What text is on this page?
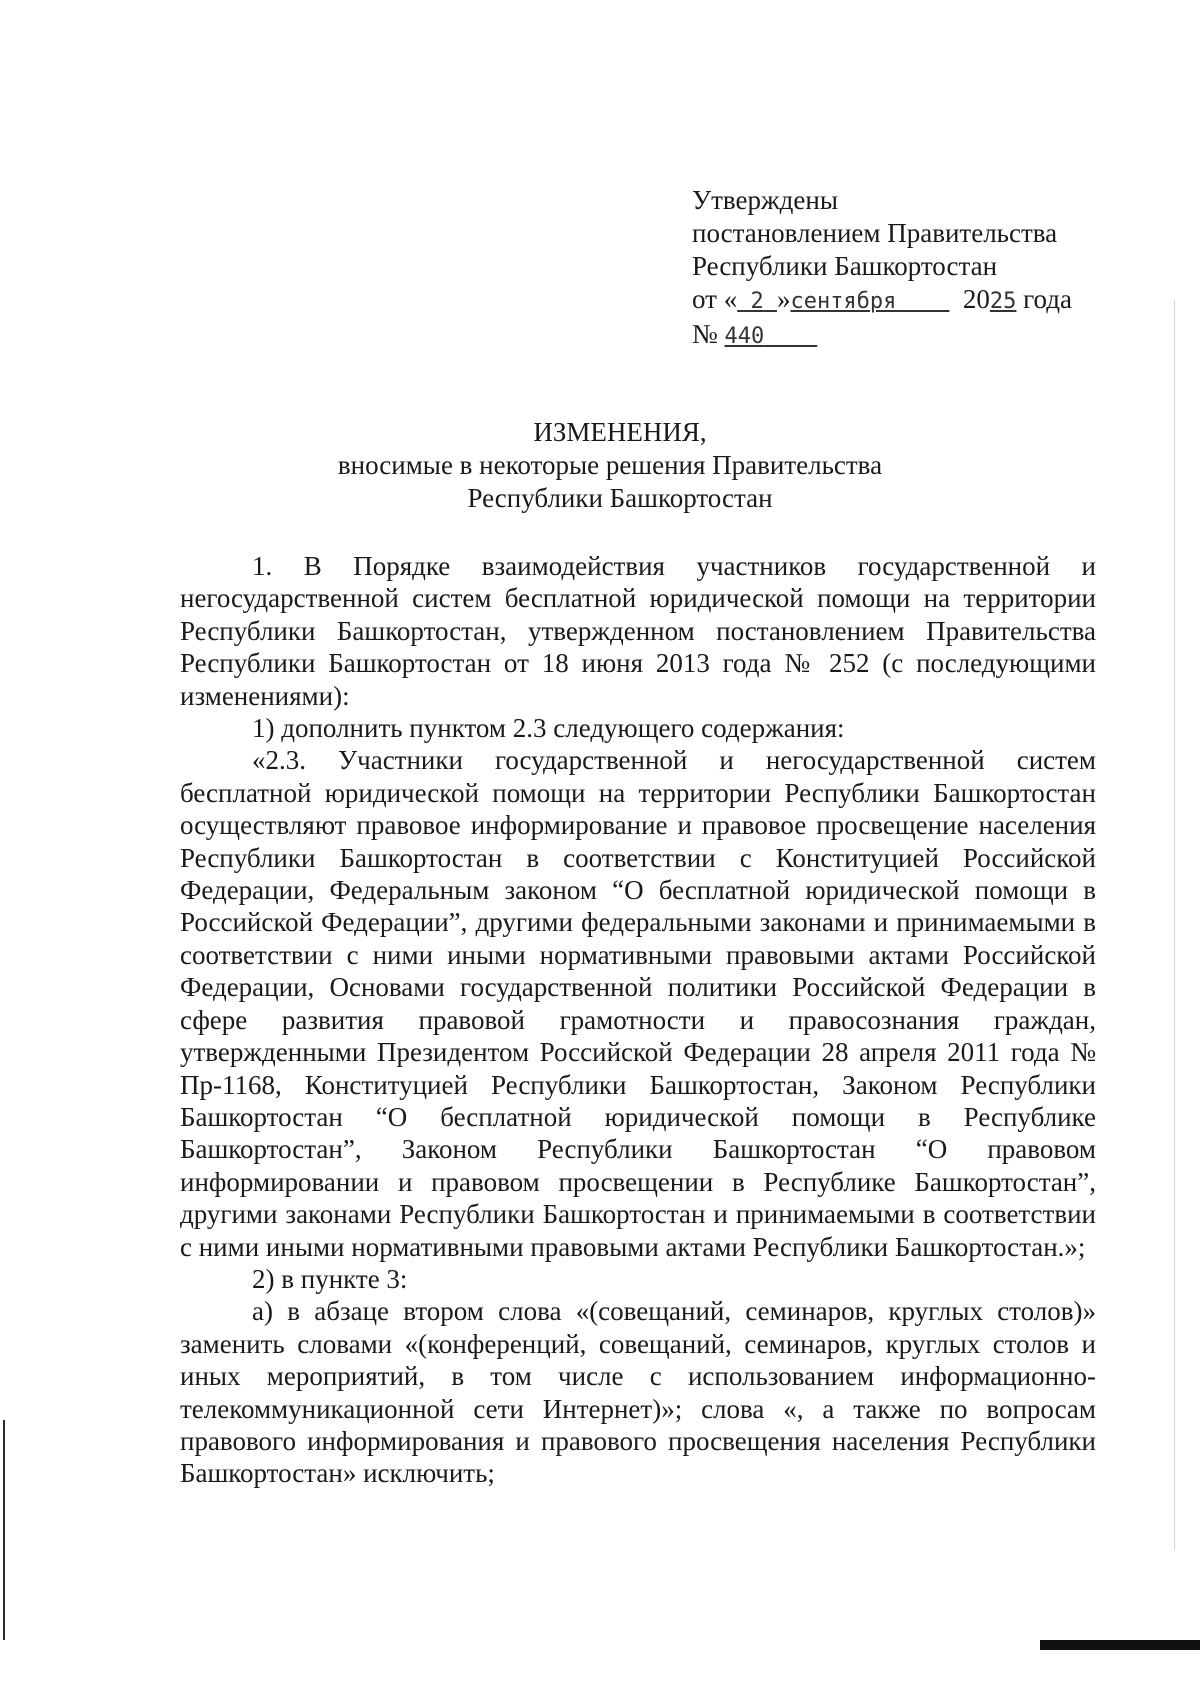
Утверждены
постановлением Правительства
Республики Башкортостан
от « 2 »сентября 2025 года
№ 440
ИЗМЕНЕНИЯ,
вносимые в некоторые решения Правительства
Республики Башкортостан

1. В Порядке взаимодействия участников государственной и негосударственной систем бесплатной юридической помощи на территории Республики Башкортостан, утвержденном постановлением Правительства Республики Башкортостан от 18 июня 2013 года № 252 (с последующими изменениями):

1) дополнить пунктом 2.3 следующего содержания:

«2.3. Участники государственной и негосударственной систем бесплатной юридической помощи на территории Республики Башкортостан осуществляют правовое информирование и правовое просвещение населения Республики Башкортостан в соответствии с Конституцией Российской Федерации, Федеральным законом “О бесплатной юридической помощи в Российской Федерации”, другими федеральными законами и принимаемыми в соответствии с ними иными нормативными правовыми актами Российской Федерации, Основами государственной политики Российской Федерации в сфере развития правовой грамотности и правосознания граждан, утвержденными Президентом Российской Федерации 28 апреля 2011 года № Пр-1168, Конституцией Республики Башкортостан, Законом Республики Башкортостан “О бесплатной юридической помощи в Республике Башкортостан”, Законом Республики Башкортостан “О правовом информировании и правовом просвещении в Республике Башкортостан”, другими законами Республики Башкортостан и принимаемыми в соответствии с ними иными нормативными правовыми актами Республики Башкортостан.»;

2) в пункте 3:

а) в абзаце втором слова «(совещаний, семинаров, круглых столов)» заменить словами «(конференций, совещаний, семинаров, круглых столов и иных мероприятий, в том числе с использованием информационно-телекоммуникационной сети Интернет)»; слова «, а также по вопросам правового информирования и правового просвещения населения Республики Башкортостан» исключить;
